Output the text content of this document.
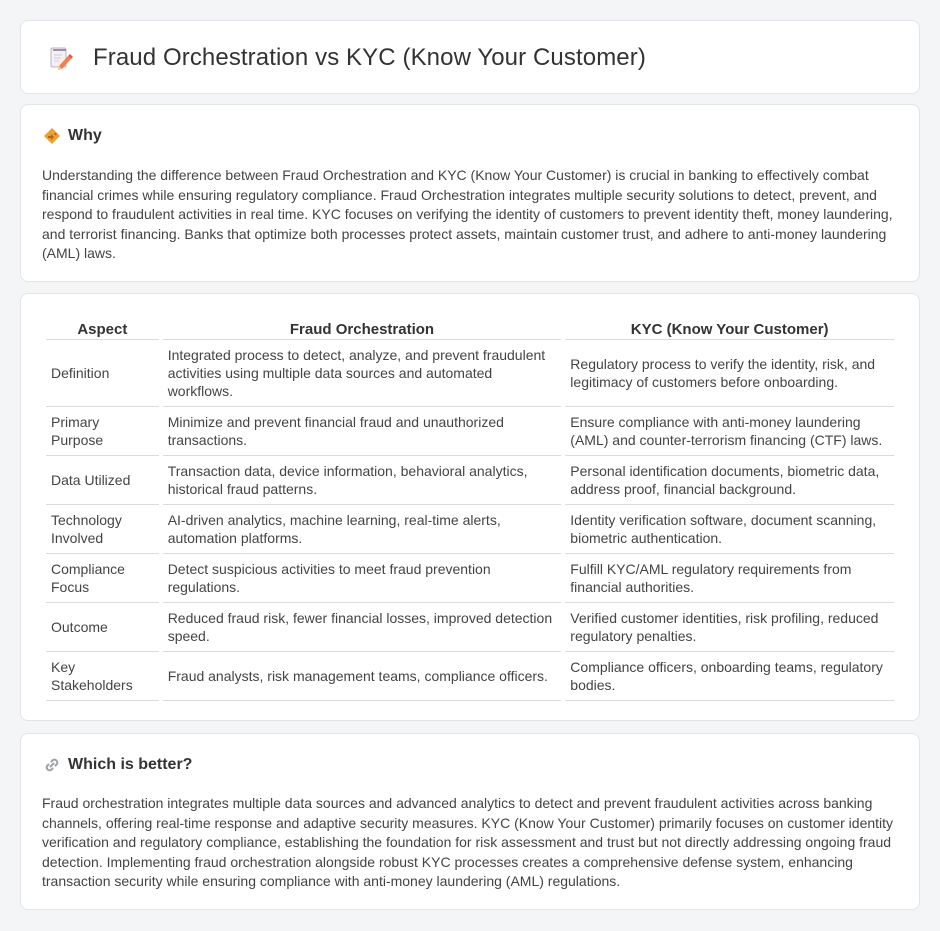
Fraud Orchestration vs KYC (Know Your Customer)
Why

Understanding the difference between Fraud Orchestration and KYC (Know Your Customer) is crucial in banking to effectively combat financial crimes while ensuring regulatory compliance. Fraud Orchestration integrates multiple security solutions to detect, prevent, and respond to fraudulent activities in real time. KYC focuses on verifying the identity of customers to prevent identity theft, money laundering, and terrorist financing. Banks that optimize both processes protect assets, maintain customer trust, and adhere to anti-money laundering (AML) laws.

Aspect	Fraud Orchestration	KYC (Know Your Customer)
Definition	Integrated process to detect, analyze, and prevent fraudulent activities using multiple data sources and automated workflows.	Regulatory process to verify the identity, risk, and legitimacy of customers before onboarding.
Primary Purpose	Minimize and prevent financial fraud and unauthorized transactions.	Ensure compliance with anti-money laundering (AML) and counter-terrorism financing (CTF) laws.
Data Utilized	Transaction data, device information, behavioral analytics, historical fraud patterns.	Personal identification documents, biometric data, address proof, financial background.
Technology Involved	AI-driven analytics, machine learning, real-time alerts, automation platforms.	Identity verification software, document scanning, biometric authentication.
Compliance Focus	Detect suspicious activities to meet fraud prevention regulations.	Fulfill KYC/AML regulatory requirements from financial authorities.
Outcome	Reduced fraud risk, fewer financial losses, improved detection speed.	Verified customer identities, risk profiling, reduced regulatory penalties.
Key Stakeholders	Fraud analysts, risk management teams, compliance officers.	Compliance officers, onboarding teams, regulatory bodies.
Which is better?

Fraud orchestration integrates multiple data sources and advanced analytics to detect and prevent fraudulent activities across banking channels, offering real-time response and adaptive security measures. KYC (Know Your Customer) primarily focuses on customer identity verification and regulatory compliance, establishing the foundation for risk assessment and trust but not directly addressing ongoing fraud detection. Implementing fraud orchestration alongside robust KYC processes creates a comprehensive defense system, enhancing transaction security while ensuring compliance with anti-money laundering (AML) regulations.
